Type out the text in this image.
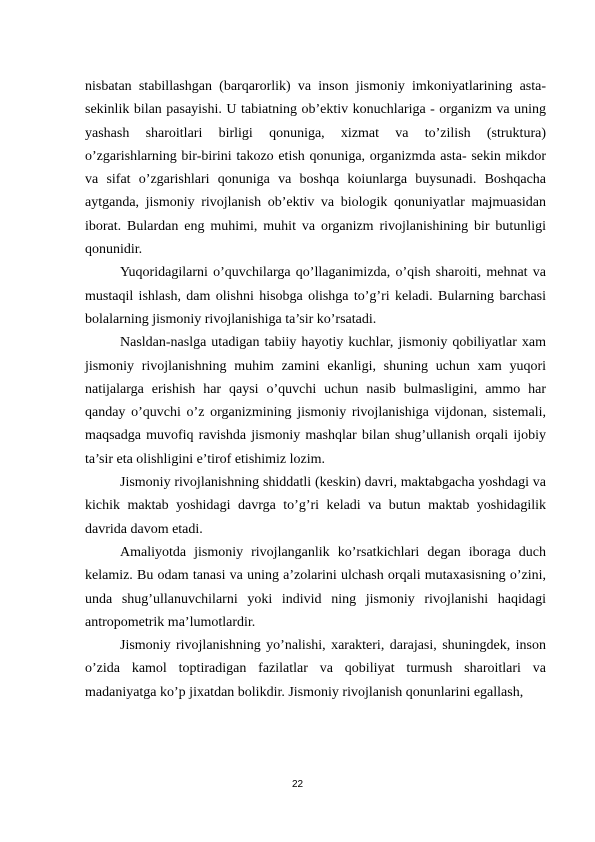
nisbatan stabillashgan (barqarorlik) va inson jismoniy imkoniyatlarining asta-sekinlik bilan pasayishi. U tabiatning ob’ektiv konuchlariga - organizm va uning yashash sharoitlari birligi qonuniga, xizmat va to’zilish (struktura) o’zgarishlarning bir-birini takozo etish qonuniga, organizmda asta- sekin mikdor va sifat o’zgarishlari qonuniga va boshqa koiunlarga buysunadi. Boshqacha aytganda, jismoniy rivojlanish ob’ektiv va biologik qonuniyatlar majmuasidan iborat. Bulardan eng muhimi, muhit va organizm rivojlanishining bir butunligi qonunidir.

Yuqoridagilarni o’quvchilarga qo’llaganimizda, o’qish sharoiti, mehnat va mustaqil ishlash, dam olishni hisobga olishga to’g’ri keladi. Bularning barchasi bolalarning jismoniy rivojlanishiga ta’sir ko’rsatadi.

Nasldan-naslga utadigan tabiiy hayotiy kuchlar, jismoniy qobiliyatlar xam jismoniy rivojlanishning muhim zamini ekanligi, shuning uchun xam yuqori natijalarga erishish har qaysi o’quvchi uchun nasib bulmasligini, ammo har qanday o’quvchi o’z organizmining jismoniy rivojlanishiga vijdonan, sistemali, maqsadga muvofiq ravishda jismoniy mashqlar bilan shug’ullanish orqali ijobiy ta’sir eta olishligini e’tirof etishimiz lozim.

Jismoniy rivojlanishning shiddatli (keskin) davri, maktabgacha yoshdagi va kichik maktab yoshidagi davrga to’g’ri keladi va butun maktab yoshidagilik davrida davom etadi.

Amaliyotda jismoniy rivojlanganlik ko’rsatkichlari degan iboraga duch kelamiz. Bu odam tanasi va uning a’zolarini ulchash orqali mutaxasisning o’zini, unda shug’ullanuvchilarni yoki individ ning jismoniy rivojlanishi haqidagi antropometrik ma’lumotlardir.

Jismoniy rivojlanishning yo’nalishi, xarakteri, darajasi, shuningdek, inson o’zida kamol toptiradigan fazilatlar va qobiliyat turmush sharoitlari va madaniyatga ko’p jixatdan bolikdir. Jismoniy rivojlanish qonunlarini egallash,

22
